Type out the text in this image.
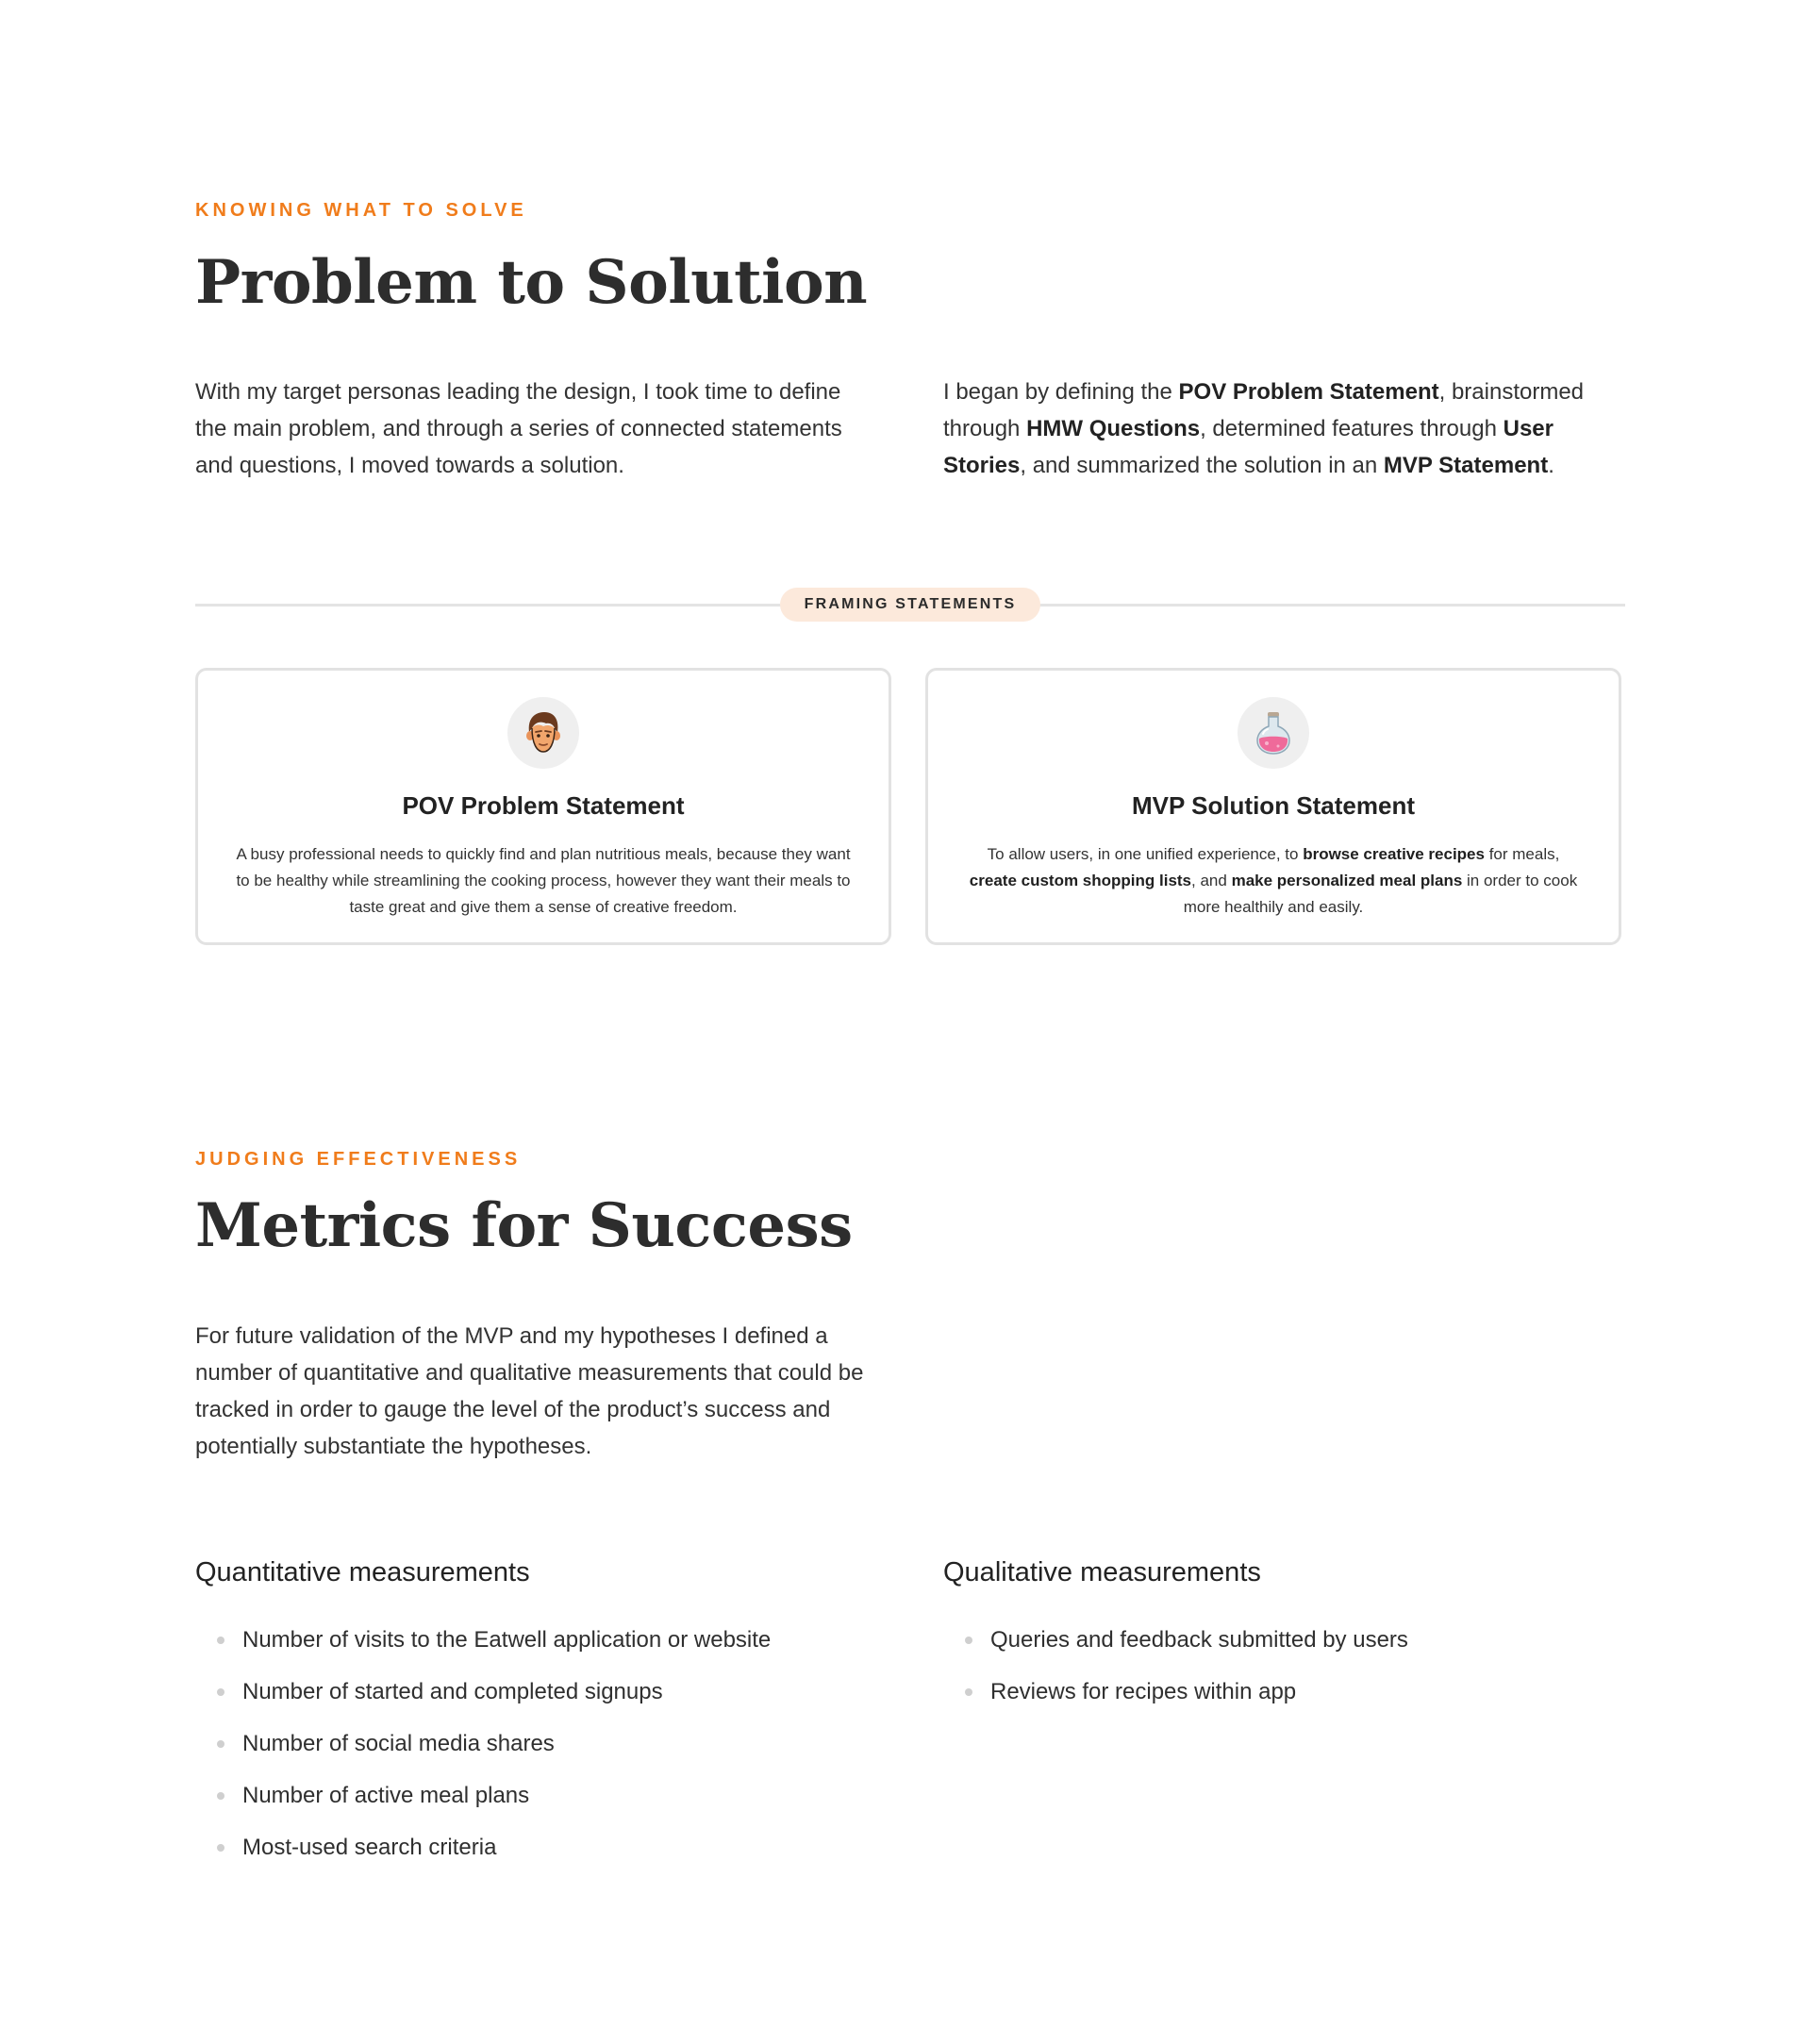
KNOWING WHAT TO SOLVE

Problem to Solution

With my target personas leading the design, I took time to define the main problem, and through a series of connected statements and questions, I moved towards a solution.

I began by defining the POV Problem Statement, brainstormed through HMW Questions, determined features through User Stories, and summarized the solution in an MVP Statement.

FRAMING STATEMENTS
POV Problem Statement

A busy professional needs to quickly find and plan nutritious meals, because they want to be healthy while streamlining the cooking process, however they want their meals to taste great and give them a sense of creative freedom.

MVP Solution Statement

To allow users, in one unified experience, to browse creative recipes for meals, create custom shopping lists, and make personalized meal plans in order to cook more healthily and easily.

JUDGING EFFECTIVENESS

Metrics for Success

For future validation of the MVP and my hypotheses I defined a number of quantitative and qualitative measurements that could be tracked in order to gauge the level of the product’s success and potentially substantiate the hypotheses.

Quantitative measurements
Number of visits to the Eatwell application or website
Number of started and completed signups
Number of social media shares
Number of active meal plans
Most-used search criteria
Qualitative measurements
Queries and feedback submitted by users
Reviews for recipes within app
